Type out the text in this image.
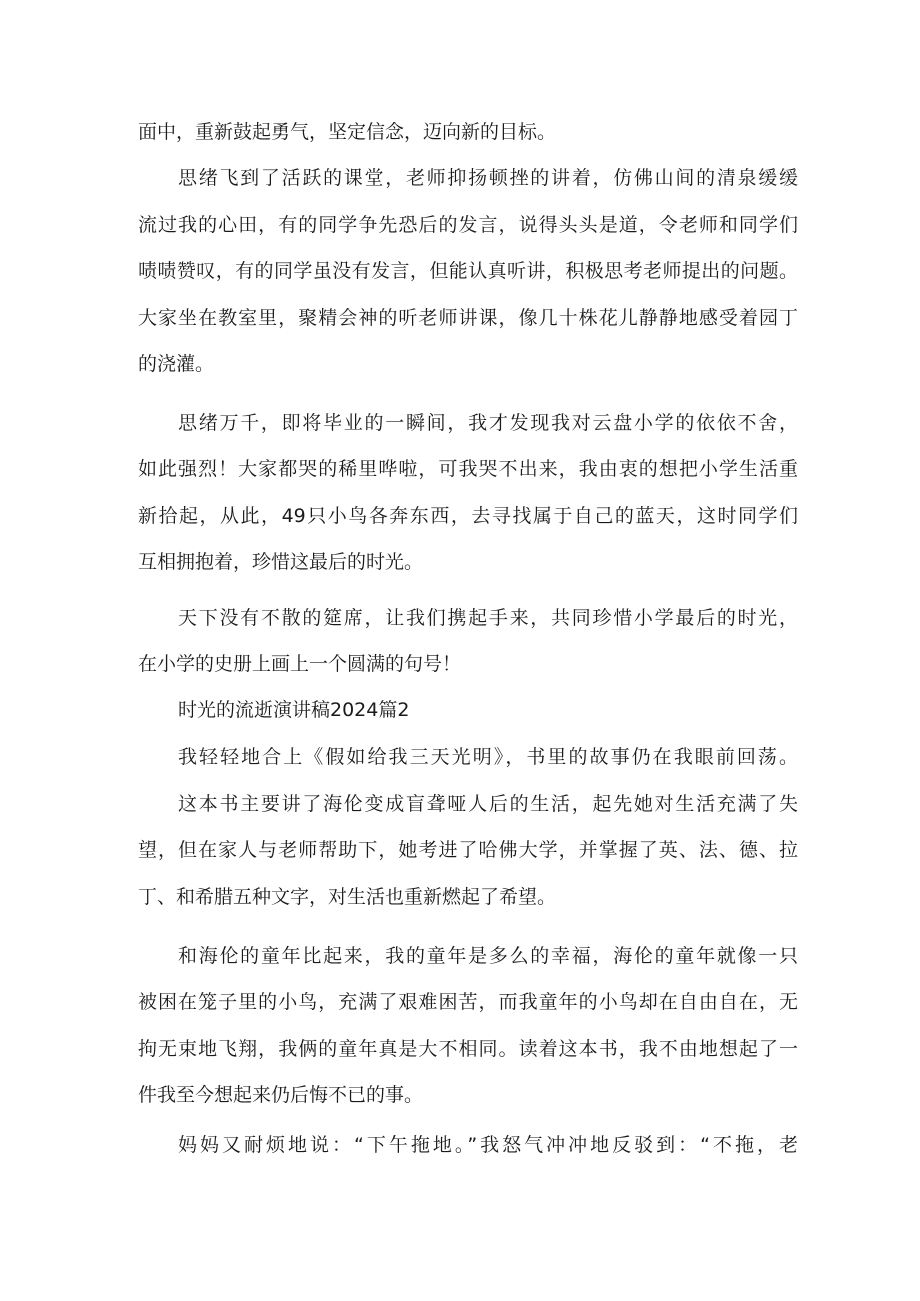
面中，重新鼓起勇气，坚定信念，迈向新的目标。
思绪飞到了活跃的课堂，老师抑扬顿挫的讲着，仿佛山间的清泉缓缓
流过我的心田，有的同学争先恐后的发言，说得头头是道，令老师和同学们
啧啧赞叹，有的同学虽没有发言，但能认真听讲，积极思考老师提出的问题。
大家坐在教室里，聚精会神的听老师讲课，像几十株花儿静静地感受着园丁
的浇灌。
思绪万千，即将毕业的一瞬间，我才发现我对云盘小学的依依不舍，
如此强烈！大家都哭的稀里哗啦，可我哭不出来，我由衷的想把小学生活重
新拾起，从此，49只小鸟各奔东西，去寻找属于自己的蓝天，这时同学们
互相拥抱着，珍惜这最后的时光。
天下没有不散的筵席，让我们携起手来，共同珍惜小学最后的时光，
在小学的史册上画上一个圆满的句号！
时光的流逝演讲稿2024篇2
我轻轻地合上《假如给我三天光明》，书里的故事仍在我眼前回荡。
这本书主要讲了海伦变成盲聋哑人后的生活，起先她对生活充满了失
望，但在家人与老师帮助下，她考进了哈佛大学，并掌握了英、法、德、拉
丁、和希腊五种文字，对生活也重新燃起了希望。
和海伦的童年比起来，我的童年是多么的幸福，海伦的童年就像一只
被困在笼子里的小鸟，充满了艰难困苦，而我童年的小鸟却在自由自在，无
拘无束地飞翔，我俩的童年真是大不相同。读着这本书，我不由地想起了一
件我至今想起来仍后悔不已的事。
妈妈又耐烦地说：“下午拖地。”我怒气冲冲地反驳到：“不拖，老
